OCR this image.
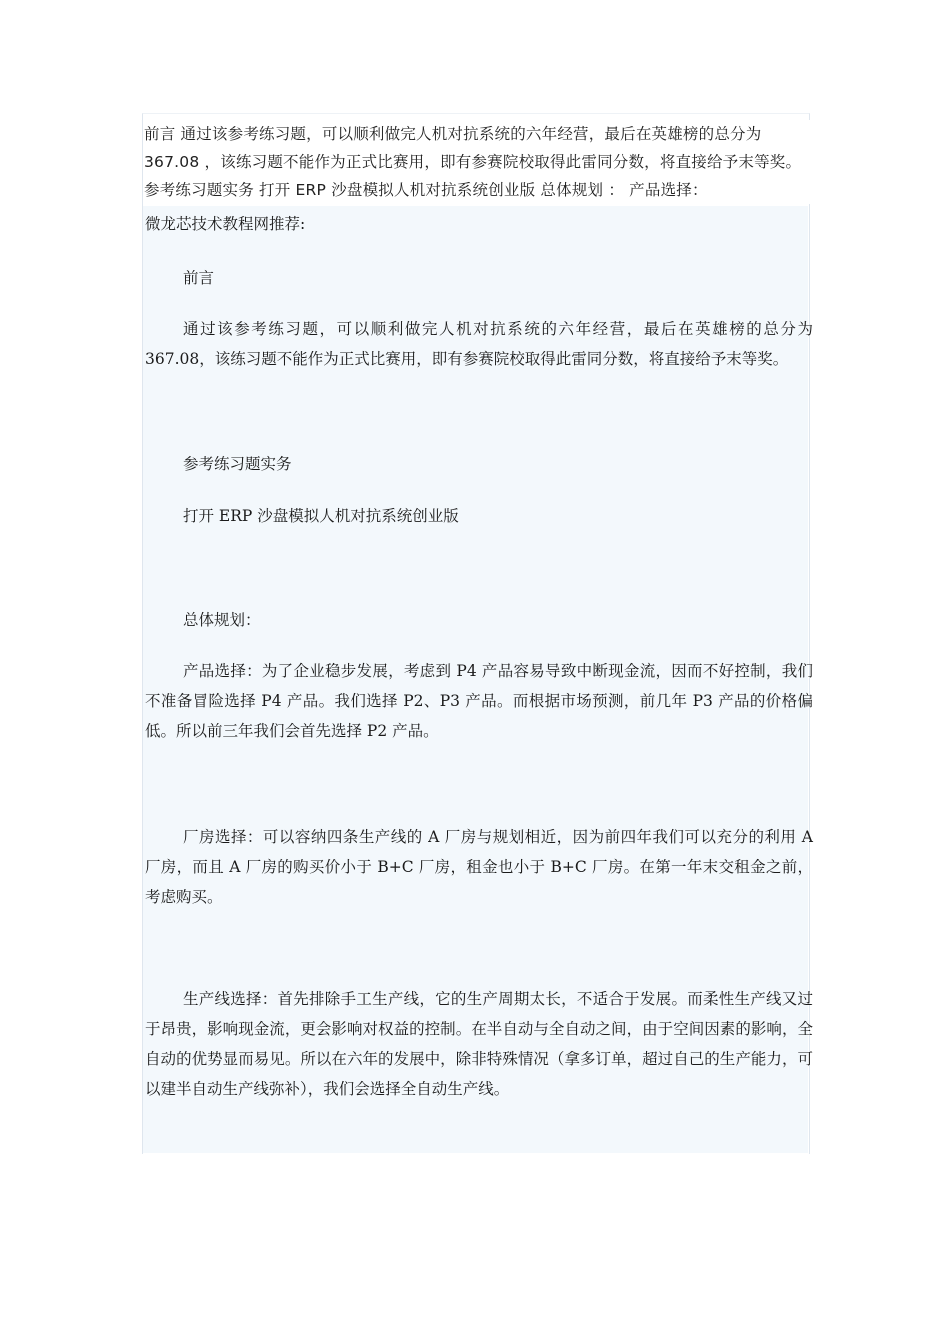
前言 通过该参考练习题，可以顺利做完人机对抗系统的六年经营，最后在英雄榜的总分为 367.08 ，该练习题不能作为正式比赛用，即有参赛院校取得此雷同分数，将直接给予末等奖。 参考练习题实务 打开 ERP 沙盘模拟人机对抗系统创业版 总体规划 ： 产品选择：

微龙芯技术教程网推荐:

前言

通过该参考练习题，可以顺利做完人机对抗系统的六年经营，最后在英雄榜的总分为 367.08，该练习题不能作为正式比赛用，即有参赛院校取得此雷同分数，将直接给予末等奖。

参考练习题实务

打开 ERP 沙盘模拟人机对抗系统创业版

总体规划：

产品选择：为了企业稳步发展，考虑到 P4 产品容易导致中断现金流，因而不好控制，我们不准备冒险选择 P4 产品。我们选择 P2、P3 产品。而根据市场预测，前几年 P3 产品的价格偏低。所以前三年我们会首先选择 P2 产品。

厂房选择：可以容纳四条生产线的 A 厂房与规划相近，因为前四年我们可以充分的利用 A 厂房，而且 A 厂房的购买价小于 B+C 厂房，租金也小于 B+C 厂房。在第一年末交租金之前，考虑购买。

生产线选择：首先排除手工生产线，它的生产周期太长，不适合于发展。而柔性生产线又过于昂贵，影响现金流，更会影响对权益的控制。在半自动与全自动之间，由于空间因素的影响，全自动的优势显而易见。所以在六年的发展中，除非特殊情况（拿多订单，超过自己的生产能力，可以建半自动生产线弥补），我们会选择全自动生产线。
